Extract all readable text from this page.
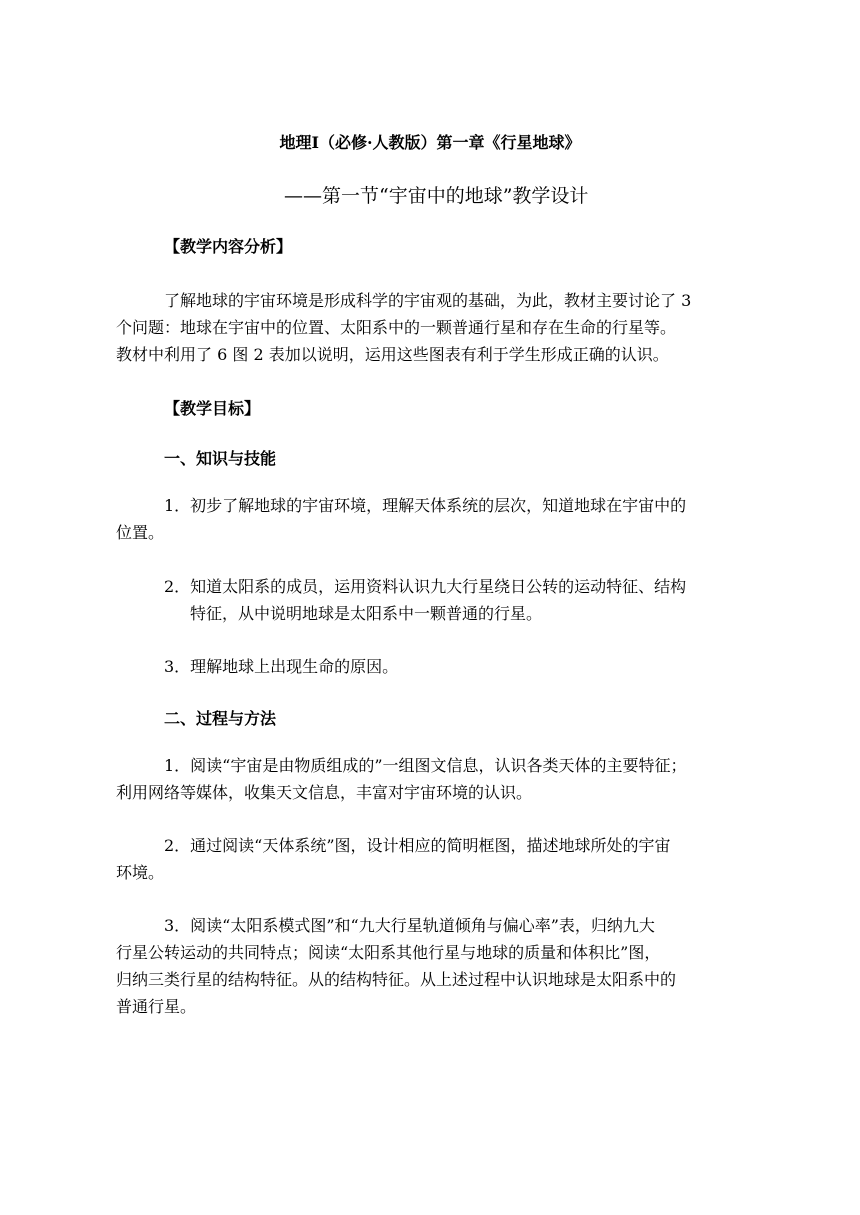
地理Ⅰ（必修·人教版）第一章《行星地球》
——第一节“宇宙中的地球”教学设计
【教学内容分析】
了解地球的宇宙环境是形成科学的宇宙观的基础，为此，教材主要讨论了 3
个问题：地球在宇宙中的位置、太阳系中的一颗普通行星和存在生命的行星等。
教材中利用了 6 图 2 表加以说明，运用这些图表有利于学生形成正确的认识。
【教学目标】
一、知识与技能
1．初步了解地球的宇宙环境，理解天体系统的层次，知道地球在宇宙中的
位置。
2．知道太阳系的成员，运用资料认识九大行星绕日公转的运动特征、结构
特征，从中说明地球是太阳系中一颗普通的行星。
3．理解地球上出现生命的原因。
二、过程与方法
1．阅读“宇宙是由物质组成的”一组图文信息，认识各类天体的主要特征；
利用网络等媒体，收集天文信息，丰富对宇宙环境的认识。
2．通过阅读“天体系统”图，设计相应的简明框图，描述地球所处的宇宙
环境。
3．阅读“太阳系模式图”和“九大行星轨道倾角与偏心率”表，归纳九大
行星公转运动的共同特点；阅读“太阳系其他行星与地球的质量和体积比”图，
归纳三类行星的结构特征。从的结构特征。从上述过程中认识地球是太阳系中的
普通行星。
